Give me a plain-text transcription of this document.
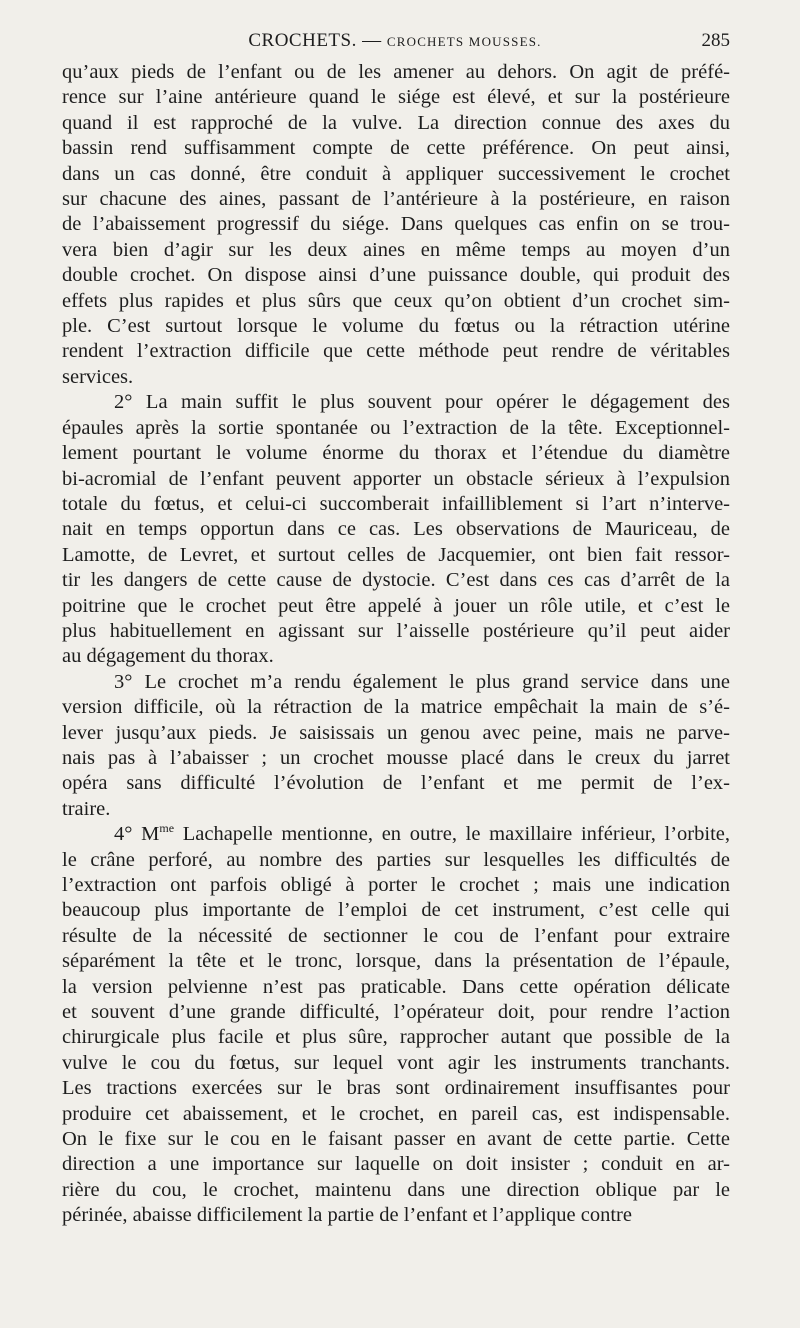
CROCHETS. — CROCHETS MOUSSES.	285
qu’aux pieds de l’enfant ou de les amener au dehors. On agit de préfé-
rence sur l’aine antérieure quand le siége est élevé, et sur la postérieure
quand il est rapproché de la vulve. La direction connue des axes du
bassin rend suffisamment compte de cette préférence. On peut ainsi,
dans un cas donné, être conduit à appliquer successivement le crochet
sur chacune des aines, passant de l’antérieure à la postérieure, en raison
de l’abaissement progressif du siége. Dans quelques cas enfin on se trou-
vera bien d’agir sur les deux aines en même temps au moyen d’un
double crochet. On dispose ainsi d’une puissance double, qui produit des
effets plus rapides et plus sûrs que ceux qu’on obtient d’un crochet sim-
ple. C’est surtout lorsque le volume du fœtus ou la rétraction utérine
rendent l’extraction difficile que cette méthode peut rendre de véritables
services.
2° La main suffit le plus souvent pour opérer le dégagement des
épaules après la sortie spontanée ou l’extraction de la tête. Exceptionnel-
lement pourtant le volume énorme du thorax et l’étendue du diamètre
bi-acromial de l’enfant peuvent apporter un obstacle sérieux à l’expulsion
totale du fœtus, et celui-ci succomberait infailliblement si l’art n’interve-
nait en temps opportun dans ce cas. Les observations de Mauriceau, de
Lamotte, de Levret, et surtout celles de Jacquemier, ont bien fait ressor-
tir les dangers de cette cause de dystocie. C’est dans ces cas d’arrêt de la
poitrine que le crochet peut être appelé à jouer un rôle utile, et c’est le
plus habituellement en agissant sur l’aisselle postérieure qu’il peut aider
au dégagement du thorax.
3° Le crochet m’a rendu également le plus grand service dans une
version difficile, où la rétraction de la matrice empêchait la main de s’é-
lever jusqu’aux pieds. Je saisissais un genou avec peine, mais ne parve-
nais pas à l’abaisser ; un crochet mousse placé dans le creux du jarret
opéra sans difficulté l’évolution de l’enfant et me permit de l’ex-
traire.
4° $M^{me}$ Lachapelle mentionne, en outre, le maxillaire inférieur, l’orbite,
le crâne perforé, au nombre des parties sur lesquelles les difficultés de
l’extraction ont parfois obligé à porter le crochet ; mais une indication
beaucoup plus importante de l’emploi de cet instrument, c’est celle qui
résulte de la nécessité de sectionner le cou de l’enfant pour extraire
séparément la tête et le tronc, lorsque, dans la présentation de l’épaule,
la version pelvienne n’est pas praticable. Dans cette opération délicate
et souvent d’une grande difficulté, l’opérateur doit, pour rendre l’action
chirurgicale plus facile et plus sûre, rapprocher autant que possible de la
vulve le cou du fœtus, sur lequel vont agir les instruments tranchants.
Les tractions exercées sur le bras sont ordinairement insuffisantes pour
produire cet abaissement, et le crochet, en pareil cas, est indispensable.
On le fixe sur le cou en le faisant passer en avant de cette partie. Cette
direction a une importance sur laquelle on doit insister ; conduit en ar-
rière du cou, le crochet, maintenu dans une direction oblique par le
périnée, abaisse difficilement la partie de l’enfant et l’applique contre
